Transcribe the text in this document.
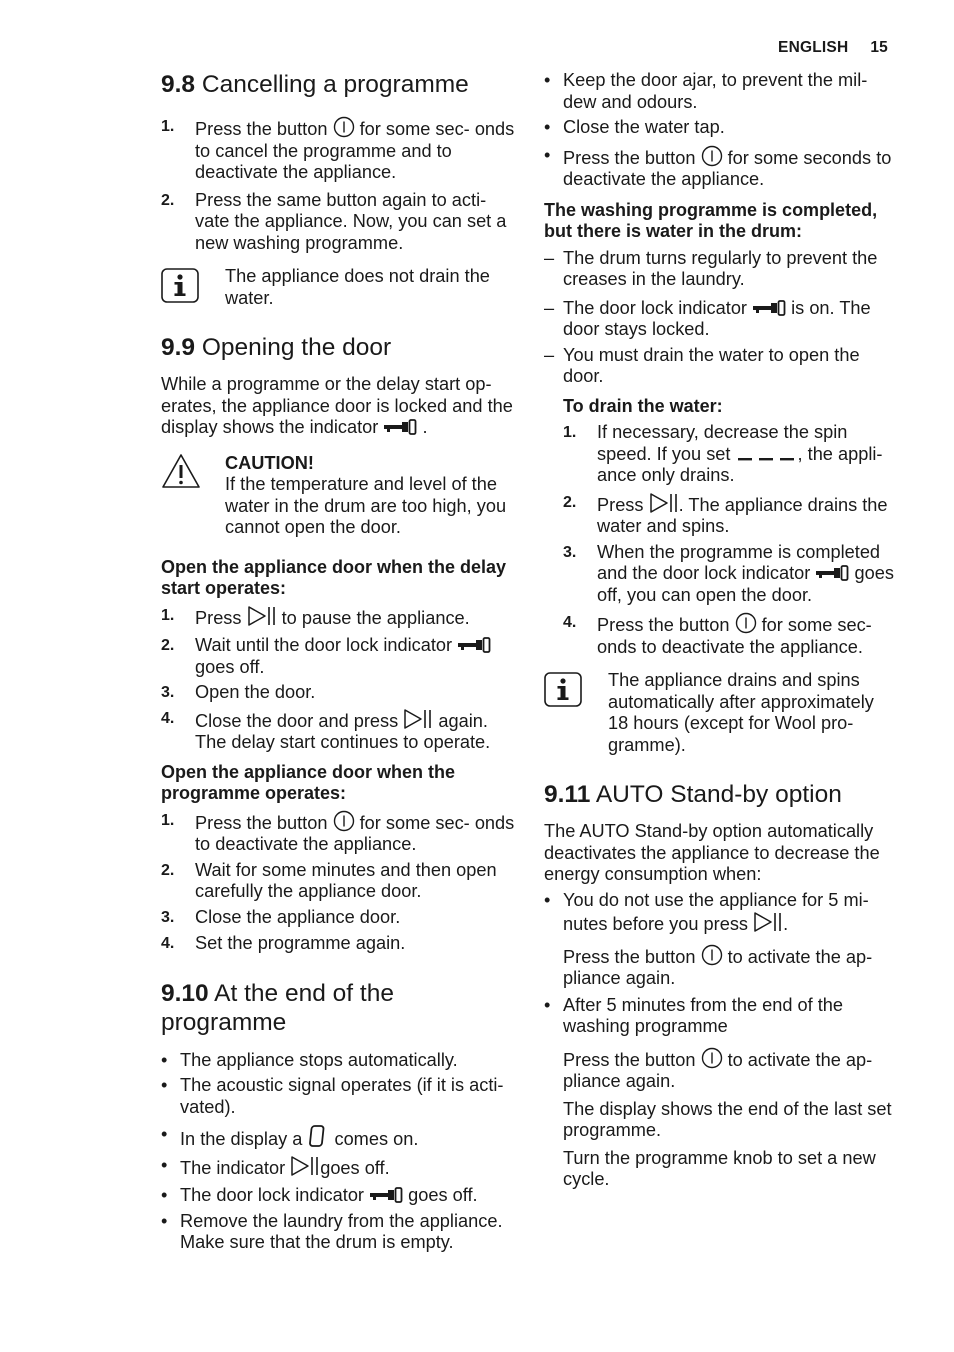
ENGLISH 15
9.8 Cancelling a programme
1.	Press the button for some sec- onds to cancel the programme and to deactivate the appliance.
2.	Press the same button again to acti- vate the appliance. Now, you can set a new washing programme.
The appliance does not drain the water.
9.9 Opening the door
While a programme or the delay start op- erates, the appliance door is locked and the display shows the indicator .
CAUTION!
If the temperature and level of the water in the drum are too high, you cannot open the door.
Open the appliance door when the delay start operates:
1.	Press to pause the appliance.
2.	Wait until the door lock indicator  goes off.
3.	Open the door.
4.	Close the door and press again. The delay start continues to operate.
Open the appliance door when the programme operates:
1.	Press the button for some sec- onds to deactivate the appliance.
2.	Wait for some minutes and then open carefully the appliance door.
3.	Close the appliance door.
4.	Set the programme again.
9.10 At the end of the
programme
• The appliance stops automatically.
• The acoustic signal operates (if it is acti- vated).
• In the display a comes on.
• The indicator goes off.
• The door lock indicator goes off.
• Remove the laundry from the appliance. Make sure that the drum is empty.
• Keep the door ajar, to prevent the mil- dew and odours.
• Close the water tap.
• Press the button for some seconds to deactivate the appliance.
The washing programme is completed, but there is water in the drum:
– The drum turns regularly to prevent the creases in the laundry.
– The door lock indicator is on. The door stays locked.
– You must drain the water to open the door.
To drain the water:
1.	If necessary, decrease the spin speed. If you set	, the appli- ance only drains.
2.	Press . The appliance drains the water and spins.
3.	When the programme is completed and the door lock indicator goes off, you can open the door.
4.	Press the button for some sec- onds to deactivate the appliance.
The appliance drains and spins automatically after approximately 18 hours (except for Wool pro- gramme).
9.11 AUTO Stand-by option
The AUTO Stand-by option automatically deactivates the appliance to decrease the energy consumption when:
• You do not use the appliance for 5 mi- nutes before you press .
Press the button to activate the ap- pliance again.
• After 5 minutes from the end of the washing programme
Press the button to activate the ap- pliance again.
The display shows the end of the last set programme.
Turn the programme knob to set a new cycle.
